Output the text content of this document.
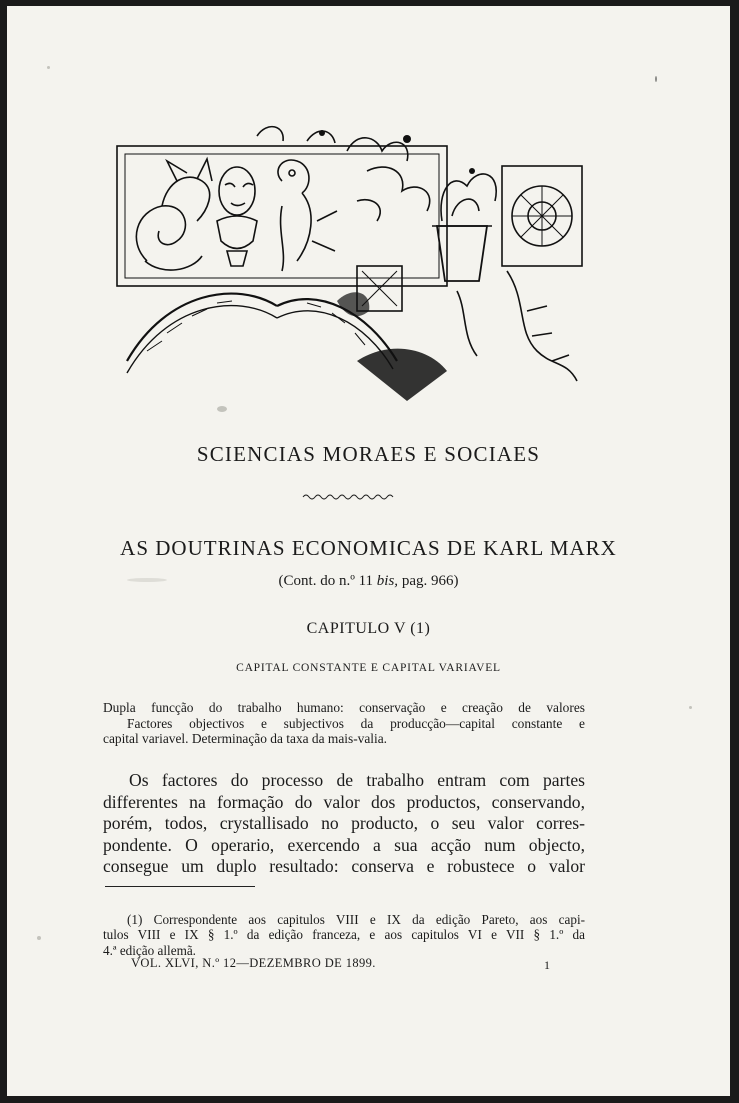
SCIENCIAS MORAES E SOCIAES
AS DOUTRINAS ECONOMICAS DE KARL MARX
(Cont. do n.º 11 bis, pag. 966)
CAPITULO V (1)
CAPITAL CONSTANTE E CAPITAL VARIAVEL
Dupla funcção do trabalho humano: conservação e creação de valores
Factores objectivos e subjectivos da producção—capital constante e
capital variavel. Determinação da taxa da mais-valia.
Os factores do processo de trabalho entram com partes
differentes na formação do valor dos productos, conservando,
porém, todos, crystallisado no producto, o seu valor corres-
pondente. O operario, exercendo a sua acção num objecto,
consegue um duplo resultado: conserva e robustece o valor
(1) Correspondente aos capitulos VIII e IX da edição Pareto, aos capi-
tulos VIII e IX § 1.º da edição franceza, e aos capitulos VI e VII § 1.º da
4.ª edição allemã.
VOL. XLVI, N.º 12—DEZEMBRO DE 1899.	1
